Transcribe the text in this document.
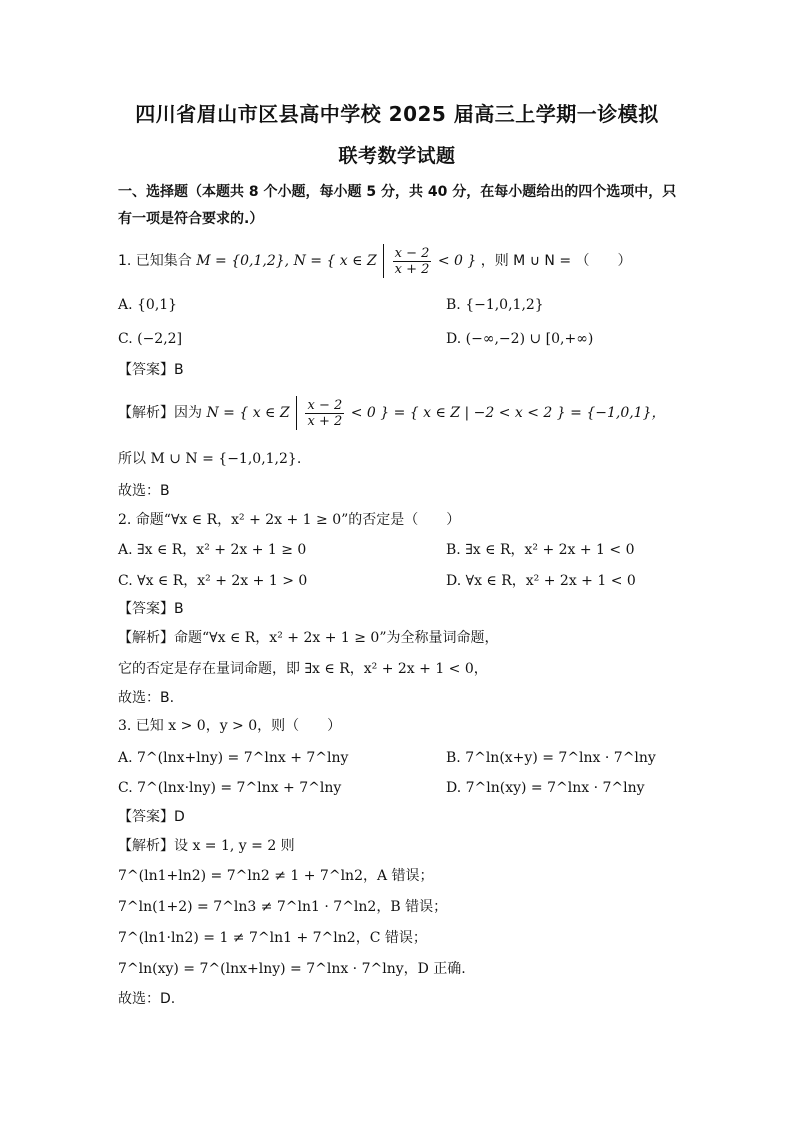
四川省眉山市区县高中学校 2025 届高三上学期一诊模拟
联考数学试题
一、选择题（本题共 8 个小题，每小题 5 分，共 40 分，在每小题给出的四个选项中，只
有一项是符合要求的.）
1. 已知集合 M = {0,1,2}, N = { x ∈ Z $\frac{x - 2}{x + 2} < 0$ } ，则 M ∪ N = （　　）
A. {0,1}	B. {−1,0,1,2}
C. (−2,2]	D. (−∞,−2) ∪ [0,+∞)
【答案】B
【解析】因为 N = { x ∈ Z $\frac{x - 2}{x + 2} < 0$ } = { x ∈ Z | −2 < x < 2 } = {−1,0,1}，
所以 M ∪ N = {−1,0,1,2}.
故选：B
2. 命题“∀x ∈ R，x² + 2x + 1 ≥ 0”的否定是（　　）
A. ∃x ∈ R，x² + 2x + 1 ≥ 0	B. ∃x ∈ R，x² + 2x + 1 < 0
C. ∀x ∈ R，x² + 2x + 1 > 0	D. ∀x ∈ R，x² + 2x + 1 < 0
【答案】B
【解析】命题“∀x ∈ R，x² + 2x + 1 ≥ 0”为全称量词命题，
它的否定是存在量词命题，即 ∃x ∈ R，x² + 2x + 1 < 0，
故选：B.
3. 已知 x > 0，y > 0，则（　　）
A. 7^(lnx+lny) = 7^lnx + 7^lny	B. 7^ln(x+y) = 7^lnx · 7^lny
C. 7^(lnx·lny) = 7^lnx + 7^lny	D. 7^ln(xy) = 7^lnx · 7^lny
【答案】D
【解析】设 x = 1, y = 2 则
7^(ln1+ln2) = 7^ln2 ≠ 1 + 7^ln2，A 错误；
7^ln(1+2) = 7^ln3 ≠ 7^ln1 · 7^ln2，B 错误；
7^(ln1·ln2) = 1 ≠ 7^ln1 + 7^ln2，C 错误；
7^ln(xy) = 7^(lnx+lny) = 7^lnx · 7^lny，D 正确.
故选：D.
